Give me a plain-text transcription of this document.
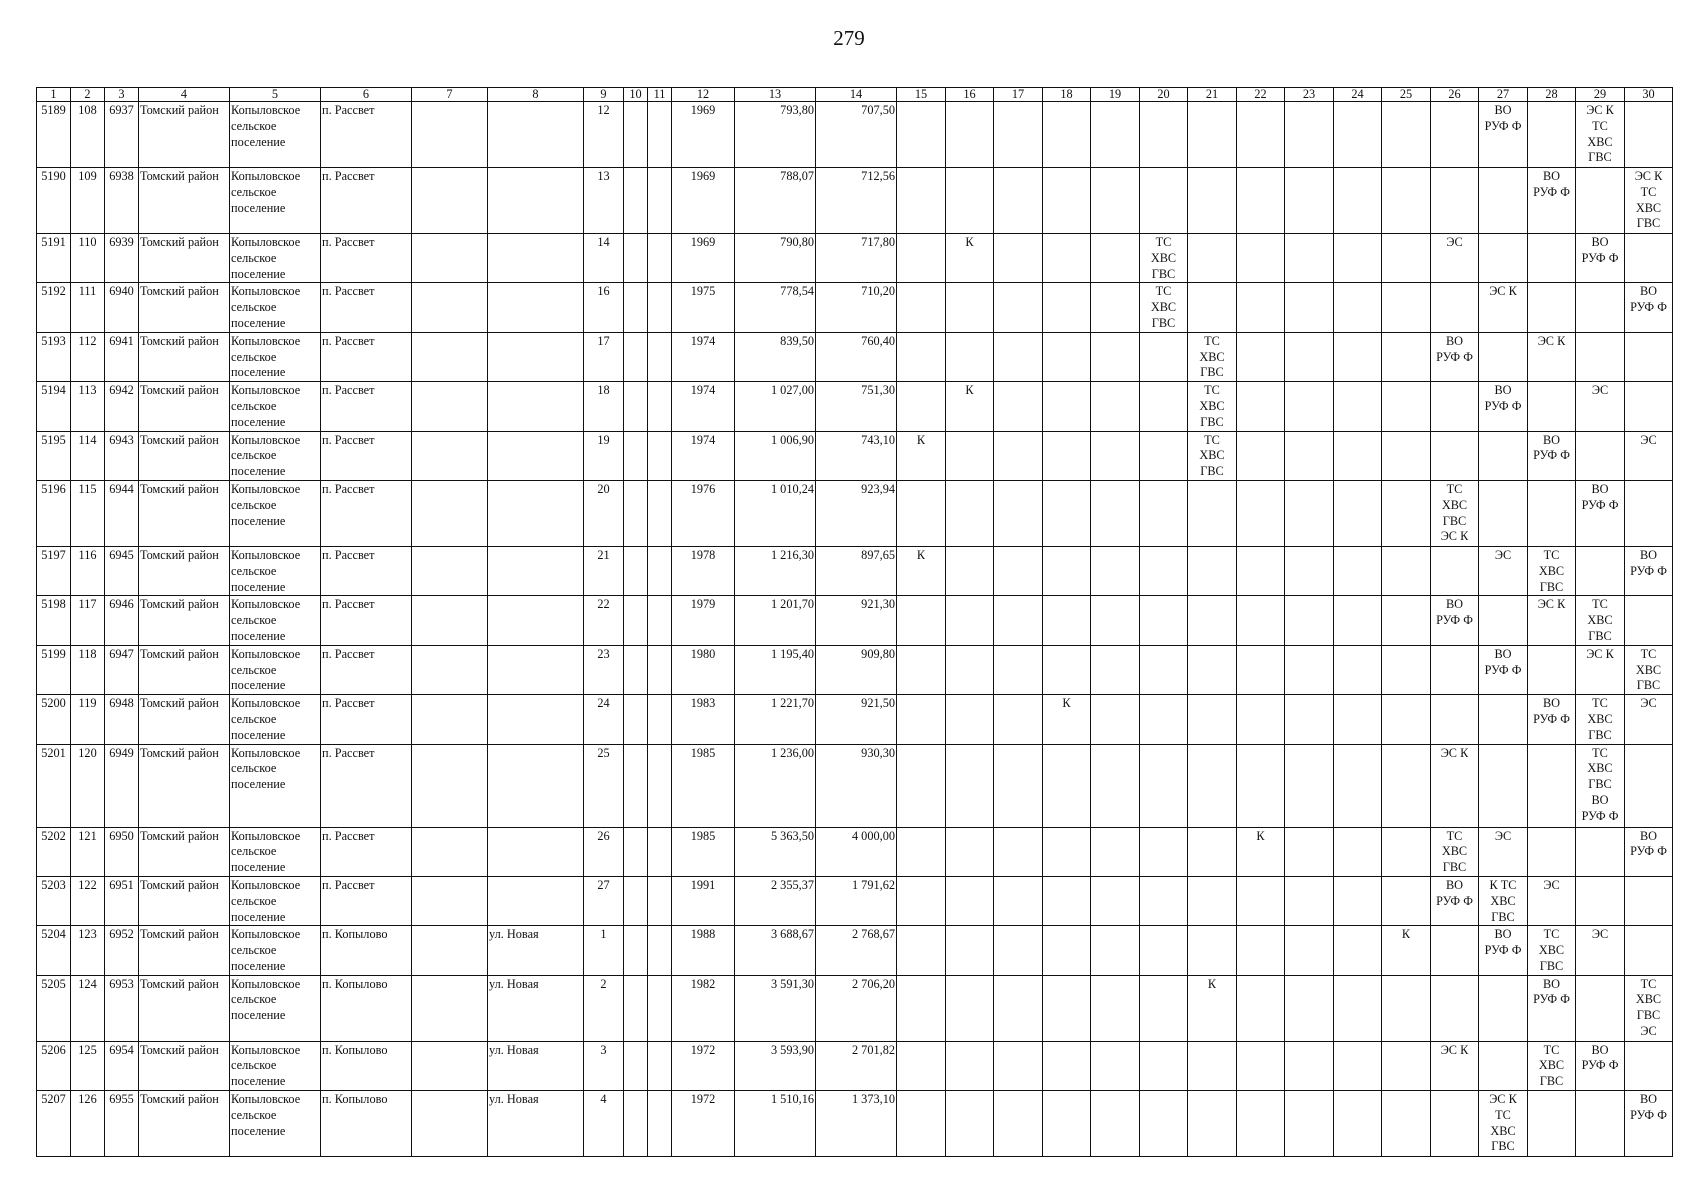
279
1	2	3	4	5	6	7	8	9	10	11	12	13	14	15	16	17	18	19	20	21	22	23	24	25	26	27	28	29	30
5189	108	6937	Томский район	Копыловское
сельское
поселение	п. Рассвет			12			1969	793,80	707,50													ВО
РУФ Ф		ЭС К
ТС
ХВС
ГВС	
5190	109	6938	Томский район	Копыловское
сельское
поселение	п. Рассвет			13			1969	788,07	712,56														ВО
РУФ Ф		ЭС К
ТС
ХВС
ГВС
5191	110	6939	Томский район	Копыловское
сельское
поселение	п. Рассвет			14			1969	790,80	717,80		К				ТС
ХВС
ГВС						ЭС			ВО
РУФ Ф	
5192	111	6940	Томский район	Копыловское
сельское
поселение	п. Рассвет			16			1975	778,54	710,20						ТС
ХВС
ГВС							ЭС К			ВО
РУФ Ф
5193	112	6941	Томский район	Копыловское
сельское
поселение	п. Рассвет			17			1974	839,50	760,40							ТС
ХВС
ГВС					ВО
РУФ Ф		ЭС К		
5194	113	6942	Томский район	Копыловское
сельское
поселение	п. Рассвет			18			1974	1 027,00	751,30		К					ТС
ХВС
ГВС						ВО
РУФ Ф		ЭС	
5195	114	6943	Томский район	Копыловское
сельское
поселение	п. Рассвет			19			1974	1 006,90	743,10	К						ТС
ХВС
ГВС							ВО
РУФ Ф		ЭС
5196	115	6944	Томский район	Копыловское
сельское
поселение	п. Рассвет			20			1976	1 010,24	923,94												ТС
ХВС
ГВС
ЭС К			ВО
РУФ Ф	
5197	116	6945	Томский район	Копыловское
сельское
поселение	п. Рассвет			21			1978	1 216,30	897,65	К												ЭС	ТС
ХВС
ГВС		ВО
РУФ Ф
5198	117	6946	Томский район	Копыловское
сельское
поселение	п. Рассвет			22			1979	1 201,70	921,30												ВО
РУФ Ф		ЭС К	ТС
ХВС
ГВС	
5199	118	6947	Томский район	Копыловское
сельское
поселение	п. Рассвет			23			1980	1 195,40	909,80													ВО
РУФ Ф		ЭС К	ТС
ХВС
ГВС
5200	119	6948	Томский район	Копыловское
сельское
поселение	п. Рассвет			24			1983	1 221,70	921,50				К										ВО
РУФ Ф	ТС
ХВС
ГВС	ЭС
5201	120	6949	Томский район	Копыловское
сельское
поселение	п. Рассвет			25			1985	1 236,00	930,30												ЭС К			ТС
ХВС
ГВС
ВО
РУФ Ф	
5202	121	6950	Томский район	Копыловское
сельское
поселение	п. Рассвет			26			1985	5 363,50	4 000,00								К				ТС
ХВС
ГВС	ЭС			ВО
РУФ Ф
5203	122	6951	Томский район	Копыловское
сельское
поселение	п. Рассвет			27			1991	2 355,37	1 791,62												ВО
РУФ Ф	К ТС
ХВС
ГВС	ЭС		
5204	123	6952	Томский район	Копыловское
сельское
поселение	п. Копылово		ул. Новая	1			1988	3 688,67	2 768,67											К		ВО
РУФ Ф	ТС
ХВС
ГВС	ЭС	
5205	124	6953	Томский район	Копыловское
сельское
поселение	п. Копылово		ул. Новая	2			1982	3 591,30	2 706,20							К							ВО
РУФ Ф		ТС
ХВС
ГВС
ЭС
5206	125	6954	Томский район	Копыловское
сельское
поселение	п. Копылово		ул. Новая	3			1972	3 593,90	2 701,82												ЭС К		ТС
ХВС
ГВС	ВО
РУФ Ф	
5207	126	6955	Томский район	Копыловское
сельское
поселение	п. Копылово		ул. Новая	4			1972	1 510,16	1 373,10													ЭС К
ТС
ХВС
ГВС			ВО
РУФ Ф
